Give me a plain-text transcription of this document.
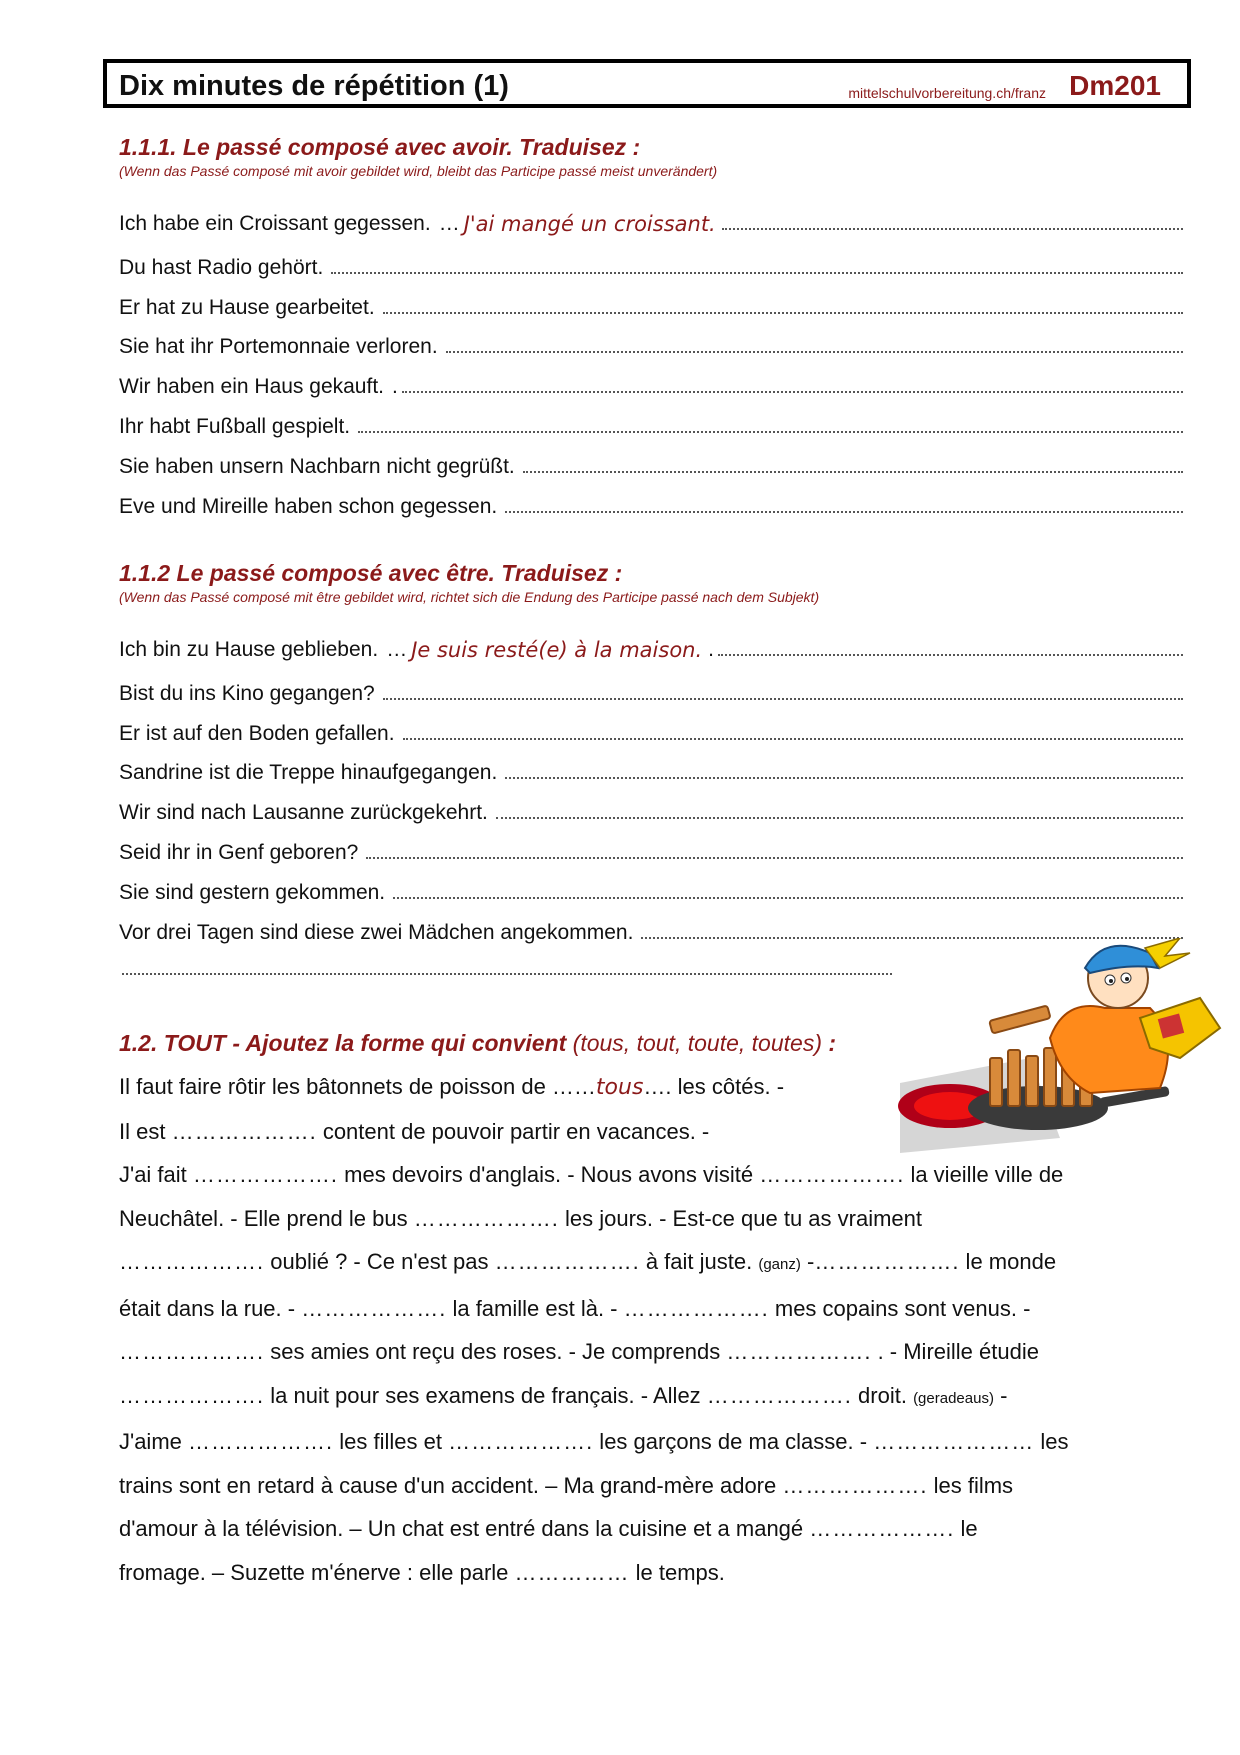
Dix minutes de répétition (1)	mittelschulvorbereitung.ch/franz Dm201
1.1.1. Le passé composé avec avoir. Traduisez :
(Wenn das Passé composé mit avoir gebildet wird, bleibt das Participe passé meist unverändert)
Ich habe ein Croissant gegessen. … J'ai mangé un croissant.
Du hast Radio gehört.
Er hat zu Hause gearbeitet.
Sie hat ihr Portemonnaie verloren.
Wir haben ein Haus gekauft. .
Ihr habt Fußball gespielt.
Sie haben unsern Nachbarn nicht gegrüßt.
Eve und Mireille haben schon gegessen.
1.1.2 Le passé composé avec être. Traduisez :
(Wenn das Passé composé mit être gebildet wird, richtet sich die Endung des Participe passé nach dem Subjekt)
Ich bin zu Hause geblieben. … Je suis resté(e) à la maison. .
Bist du ins Kino gegangen?
Er ist auf den Boden gefallen.
Sandrine ist die Treppe hinaufgegangen.
Wir sind nach Lausanne zurückgekehrt.
Seid ihr in Genf geboren?
Sie sind gestern gekommen.
Vor drei Tagen sind diese zwei Mädchen angekommen.
1.2. TOUT - Ajoutez la forme qui convient (tous, tout, toute, toutes) :
Il faut faire rôtir les bâtonnets de poisson de ……tous…. les côtés. -
Il est ………………. content de pouvoir partir en vacances. -
J'ai fait ………………. mes devoirs d'anglais. - Nous avons visité ………………. la vieille ville de
Neuchâtel. - Elle prend le bus ………………. les jours. - Est-ce que tu as vraiment
………………. oublié ? - Ce n'est pas ………………. à fait juste. (ganz) -………………. le monde
était dans la rue. - ………………. la famille est là. - ………………. mes copains sont venus. -
………………. ses amies ont reçu des roses. - Je comprends ………………. . - Mireille étudie
………………. la nuit pour ses examens de français. - Allez ………………. droit. (geradeaus) -
J'aime ………………. les filles et ………………. les garçons de ma classe. - ………………… les
trains sont en retard à cause d'un accident. – Ma grand-mère adore ………………. les films
d'amour à la télévision. – Un chat est entré dans la cuisine et a mangé ………………. le
fromage. – Suzette m'énerve : elle parle …………… le temps.
